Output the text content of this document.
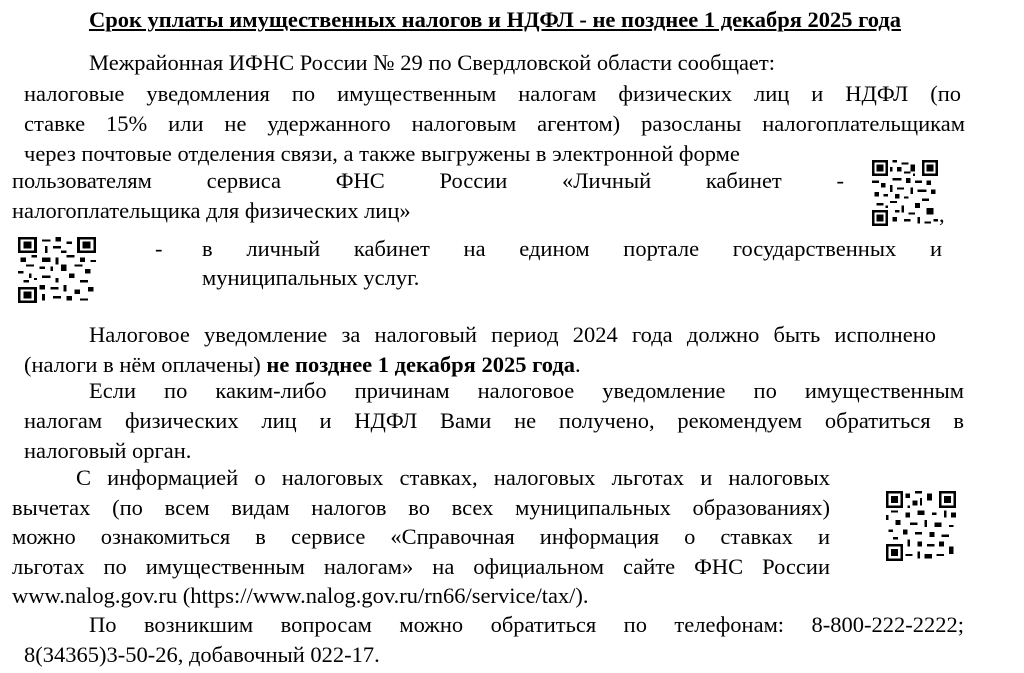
Срок уплаты имущественных налогов и НДФЛ - не позднее 1 декабря 2025 года
Межрайонная ИФНС России № 29 по Свердловской области сообщает:
налоговые уведомления по имущественным налогам физических лиц и НДФЛ (по
ставке 15% или не удержанного налоговым агентом) разосланы налогоплательщикам
через почтовые отделения связи, а также выгружены в электронной форме
пользователям сервиса ФНС России «Личный кабинет -
налогоплательщика для физических лиц»	,
- в личный кабинет на едином портале государственных и
муниципальных услуг.
Налоговое уведомление за налоговый период 2024 года должно быть исполнено
(налоги в нём оплачены) не позднее 1 декабря 2025 года.
Если по каким-либо причинам налоговое уведомление по имущественным
налогам физических лиц и НДФЛ Вами не получено, рекомендуем обратиться в
налоговый орган.
С информацией о налоговых ставках, налоговых льготах и налоговых
вычетах (по всем видам налогов во всех муниципальных образованиях)
можно ознакомиться в сервисе «Справочная информация о ставках и
льготах по имущественным налогам» на официальном сайте ФНС России
www.nalog.gov.ru (https://www.nalog.gov.ru/rn66/service/tax/).
По возникшим вопросам можно обратиться по телефонам: 8-800-222-2222;
8(34365)3-50-26, добавочный 022-17.
